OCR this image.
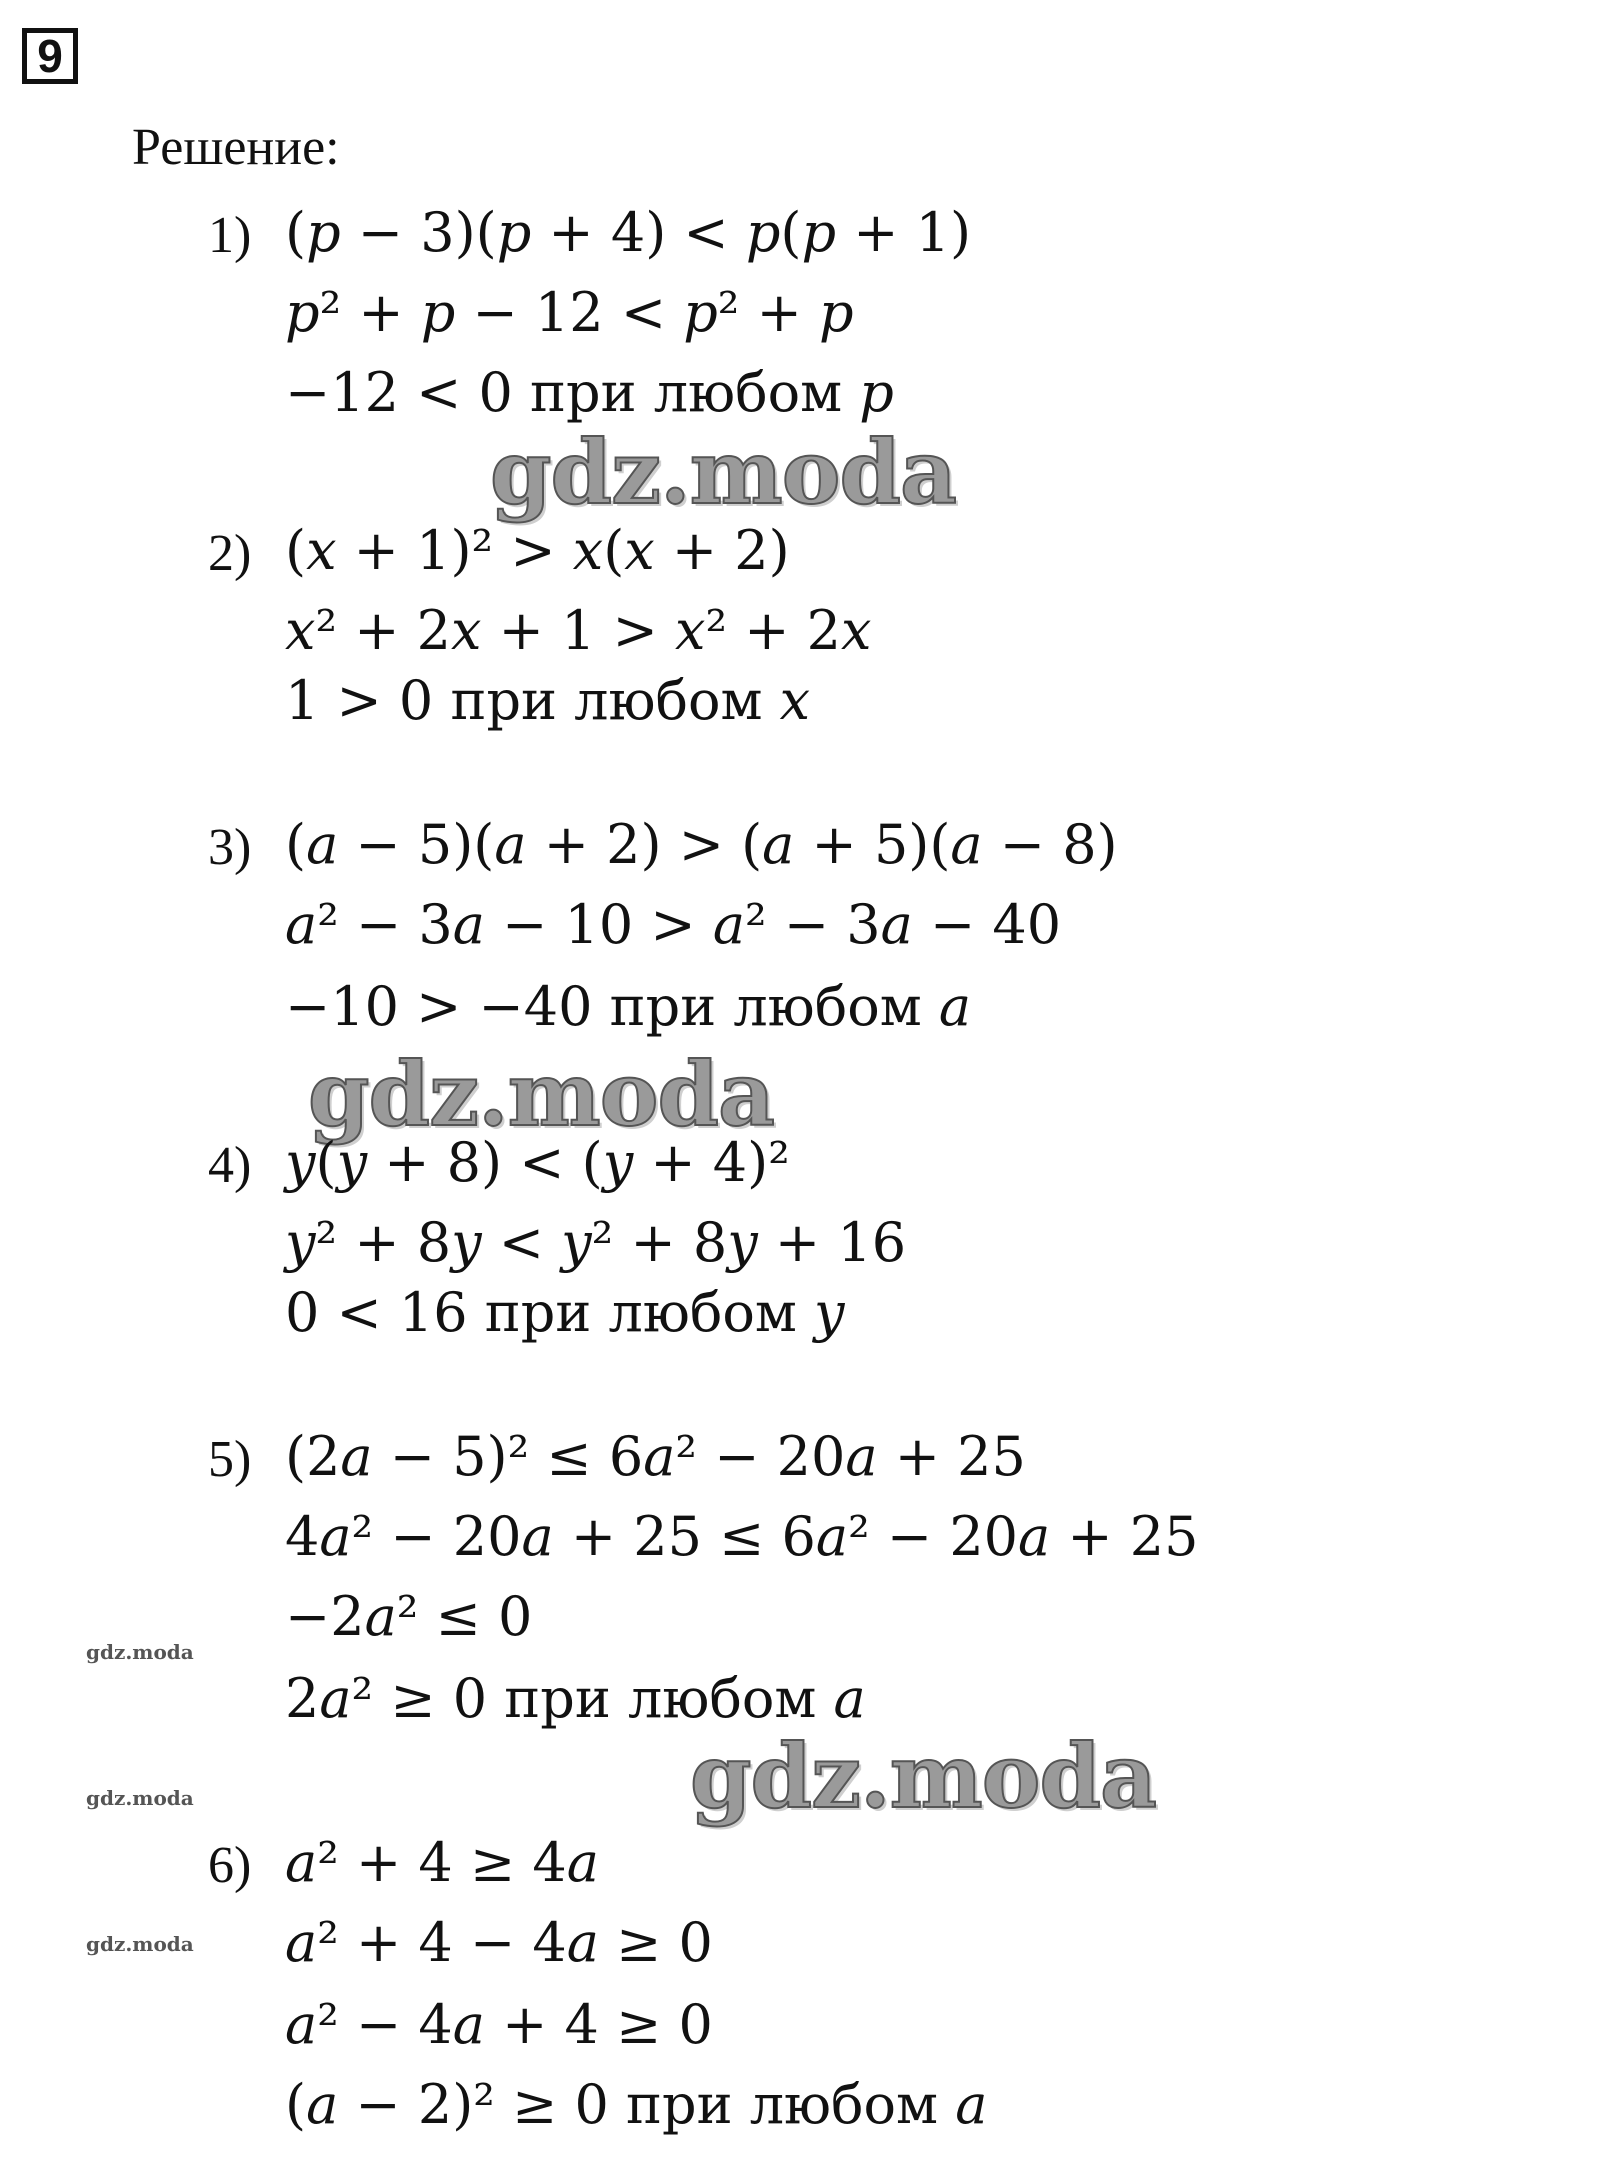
9
Решение:
1) (𝑝 − 3)(𝑝 + 4) < 𝑝(𝑝 + 1)
𝑝² + 𝑝 − 12 < 𝑝² + 𝑝
−12 < 0 при любом 𝑝
gdz.moda
2) (𝑥 + 1)² > 𝑥(𝑥 + 2)
𝑥² + 2𝑥 + 1 > 𝑥² + 2𝑥
1 > 0 при любом 𝑥
3) (𝑎 − 5)(𝑎 + 2) > (𝑎 + 5)(𝑎 − 8)
𝑎² − 3𝑎 − 10 > 𝑎² − 3𝑎 − 40
−10 > −40 при любом 𝑎
gdz.moda
4) 𝑦(𝑦 + 8) < (𝑦 + 4)²
𝑦² + 8𝑦 < 𝑦² + 8𝑦 + 16
0 < 16 при любом 𝑦
5) (2𝑎 − 5)² ≤ 6𝑎² − 20𝑎 + 25
4𝑎² − 20𝑎 + 25 ≤ 6𝑎² − 20𝑎 + 25
−2𝑎² ≤ 0
2𝑎² ≥ 0 при любом 𝑎
gdz.moda
gdz.moda
gdz.moda
6) 𝑎² + 4 ≥ 4𝑎
𝑎² + 4 − 4𝑎 ≥ 0
𝑎² − 4𝑎 + 4 ≥ 0
(𝑎 − 2)² ≥ 0 при любом 𝑎
gdz.moda
